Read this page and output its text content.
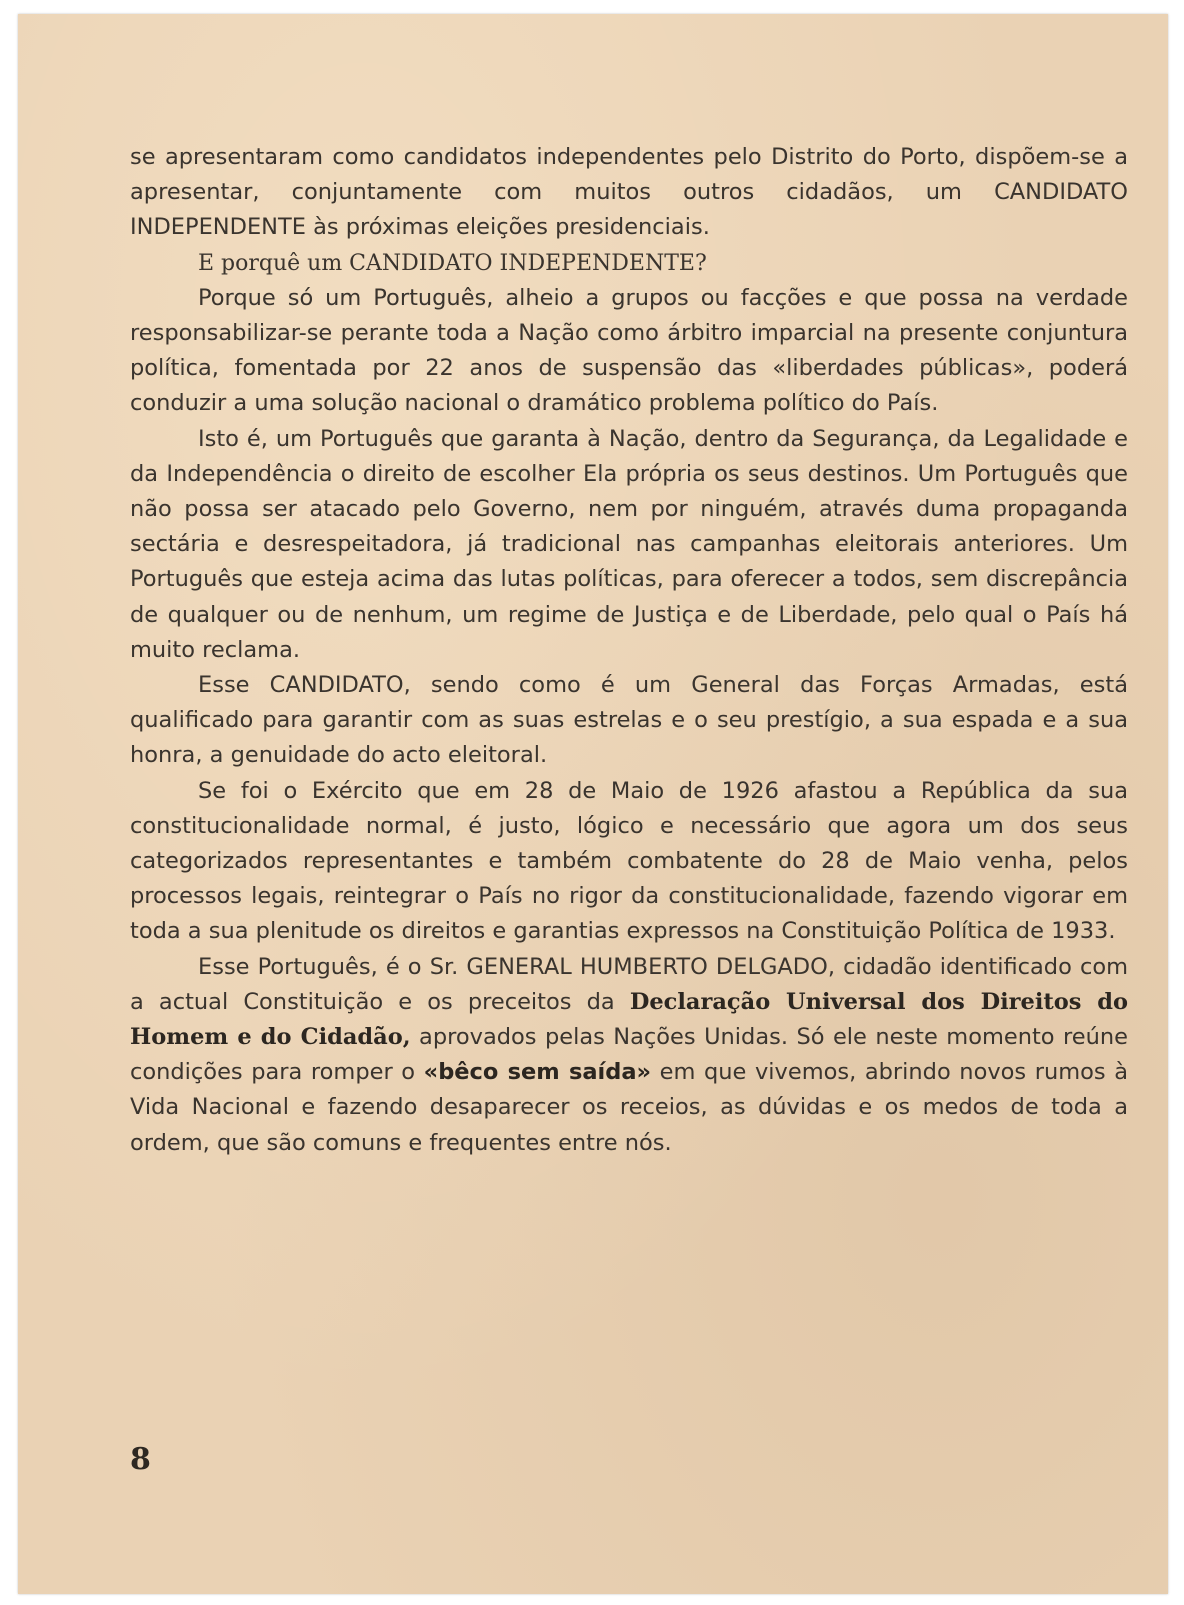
se apresentaram como candidatos independentes pelo Distrito do Porto, dispõem-se a apresentar, conjuntamente com muitos outros cidadãos, um CANDIDATO INDEPENDENTE às próximas eleições presidenciais.

E porquê um CANDIDATO INDEPENDENTE?

Porque só um Português, alheio a grupos ou facções e que possa na verdade responsabilizar-se perante toda a Nação como árbitro imparcial na presente conjuntura política, fomentada por 22 anos de suspensão das «liberdades públicas», poderá conduzir a uma solução nacional o dramático problema político do País.

Isto é, um Português que garanta à Nação, dentro da Segurança, da Legalidade e da Independência o direito de escolher Ela própria os seus destinos. Um Português que não possa ser atacado pelo Governo, nem por ninguém, através duma propaganda sectária e desrespeitadora, já tradicional nas campanhas eleitorais anteriores. Um Português que esteja acima das lutas políticas, para oferecer a todos, sem discrepância de qualquer ou de nenhum, um regime de Justiça e de Liberdade, pelo qual o País há muito reclama.

Esse CANDIDATO, sendo como é um General das Forças Armadas, está qualificado para garantir com as suas estrelas e o seu prestígio, a sua espada e a sua honra, a genuidade do acto eleitoral.

Se foi o Exército que em 28 de Maio de 1926 afastou a República da sua constitucionalidade normal, é justo, lógico e necessário que agora um dos seus categorizados representantes e também combatente do 28 de Maio venha, pelos processos legais, reintegrar o País no rigor da constitucionalidade, fazendo vigorar em toda a sua plenitude os direitos e garantias expressos na Constituição Política de 1933.

Esse Português, é o Sr. GENERAL HUMBERTO DELGADO, cidadão identificado com a actual Constituição e os preceitos da Declaração Universal dos Direitos do Homem e do Cidadão, aprovados pelas Nações Unidas. Só ele neste momento reúne condições para romper o «bêco sem saída» em que vivemos, abrindo novos rumos à Vida Nacional e fazendo desaparecer os receios, as dúvidas e os medos de toda a ordem, que são comuns e frequentes entre nós.

8
